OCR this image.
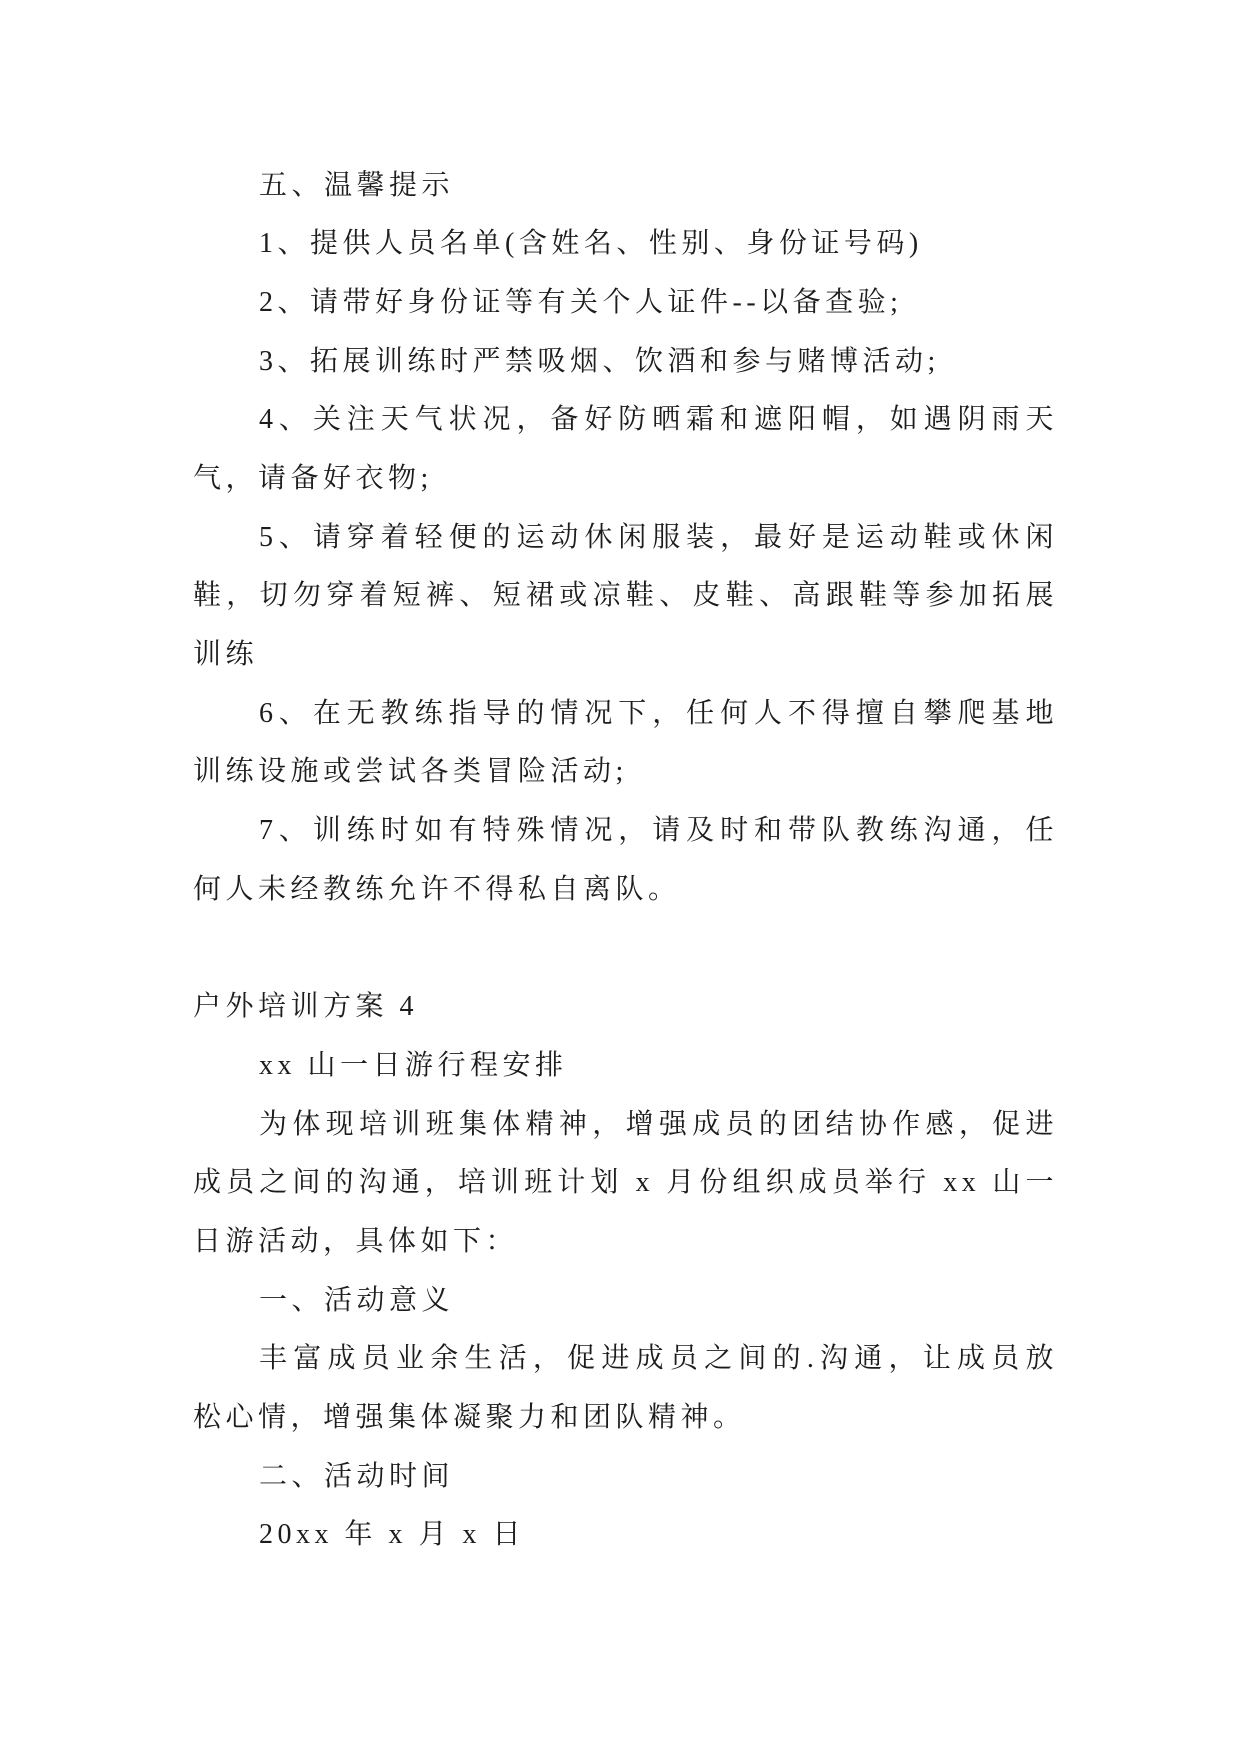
五、温馨提示
1、提供人员名单(含姓名、性别、身份证号码)
2、请带好身份证等有关个人证件--以备查验;
3、拓展训练时严禁吸烟、饮酒和参与赌博活动;
4、关注天气状况，备好防晒霜和遮阳帽，如遇阴雨天
气，请备好衣物;
5、请穿着轻便的运动休闲服装，最好是运动鞋或休闲
鞋，切勿穿着短裤、短裙或凉鞋、皮鞋、高跟鞋等参加拓展
训练
6、在无教练指导的情况下，任何人不得擅自攀爬基地
训练设施或尝试各类冒险活动;
7、训练时如有特殊情况，请及时和带队教练沟通，任
何人未经教练允许不得私自离队。
户外培训方案 4
xx 山一日游行程安排
为体现培训班集体精神，增强成员的团结协作感，促进
成员之间的沟通，培训班计划 x 月份组织成员举行 xx 山一
日游活动，具体如下：
一、活动意义
丰富成员业余生活，促进成员之间的.沟通，让成员放
松心情，增强集体凝聚力和团队精神。
二、活动时间
20xx 年 x 月 x 日
